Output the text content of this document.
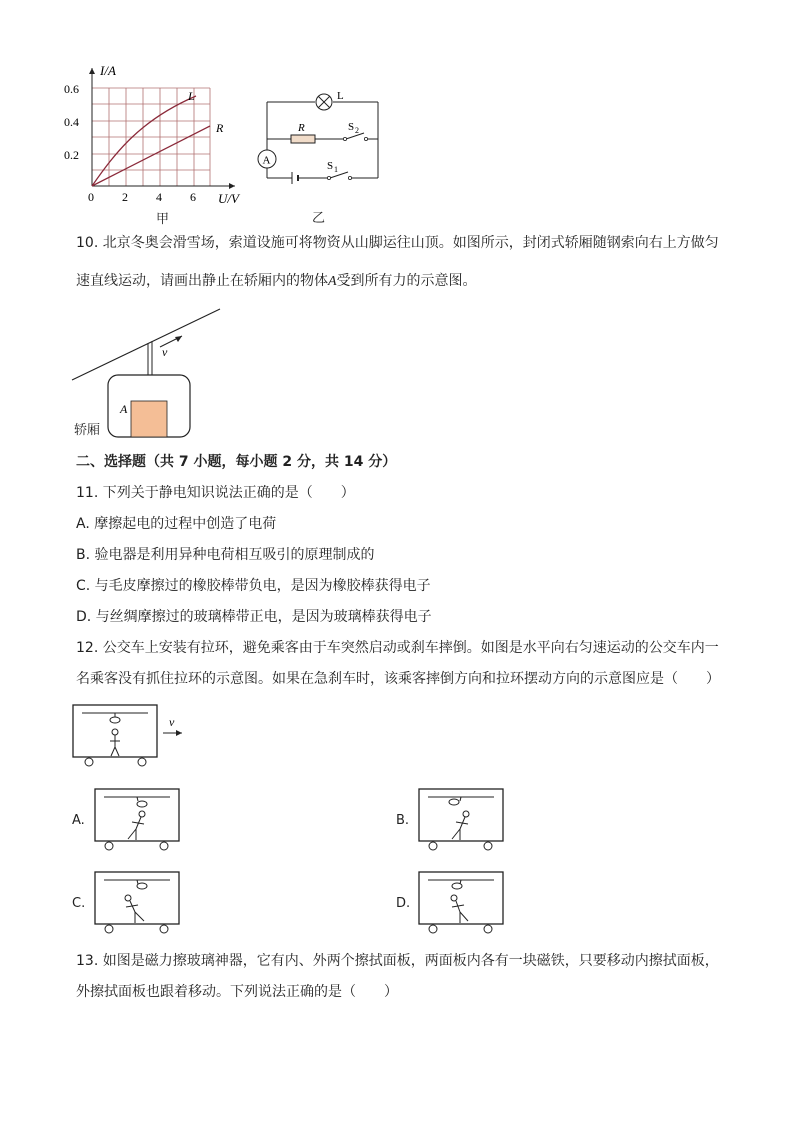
I/A
0.6
0.4
0.2
0 2 4 6 U/V
L
R
甲
A
L
R	S 2
S 1
乙
10. 北京冬奥会滑雪场，索道设施可将物资从山脚运往山顶。如图所示，封闭式轿厢随钢索向右上方做匀
速直线运动，请画出静止在轿厢内的物体A受到所有力的示意图。
v
A
轿厢
二、选择题（共 7 小题，每小题 2 分，共 14 分）
11. 下列关于静电知识说法正确的是（　　）
A. 摩擦起电的过程中创造了电荷
B. 验电器是利用异种电荷相互吸引的原理制成的
C. 与毛皮摩擦过的橡胶棒带负电，是因为橡胶棒获得电子
D. 与丝绸摩擦过的玻璃棒带正电，是因为玻璃棒获得电子
12. 公交车上安装有拉环，避免乘客由于车突然启动或刹车摔倒。如图是水平向右匀速运动的公交车内一
名乘客没有抓住拉环的示意图。如果在急刹车时，该乘客摔倒方向和拉环摆动方向的示意图应是（　　）
v
A.	B.
C.	D.
13. 如图是磁力擦玻璃神器，它有内、外两个擦拭面板，两面板内各有一块磁铁，只要移动内擦拭面板，
外擦拭面板也跟着移动。下列说法正确的是（　　）
